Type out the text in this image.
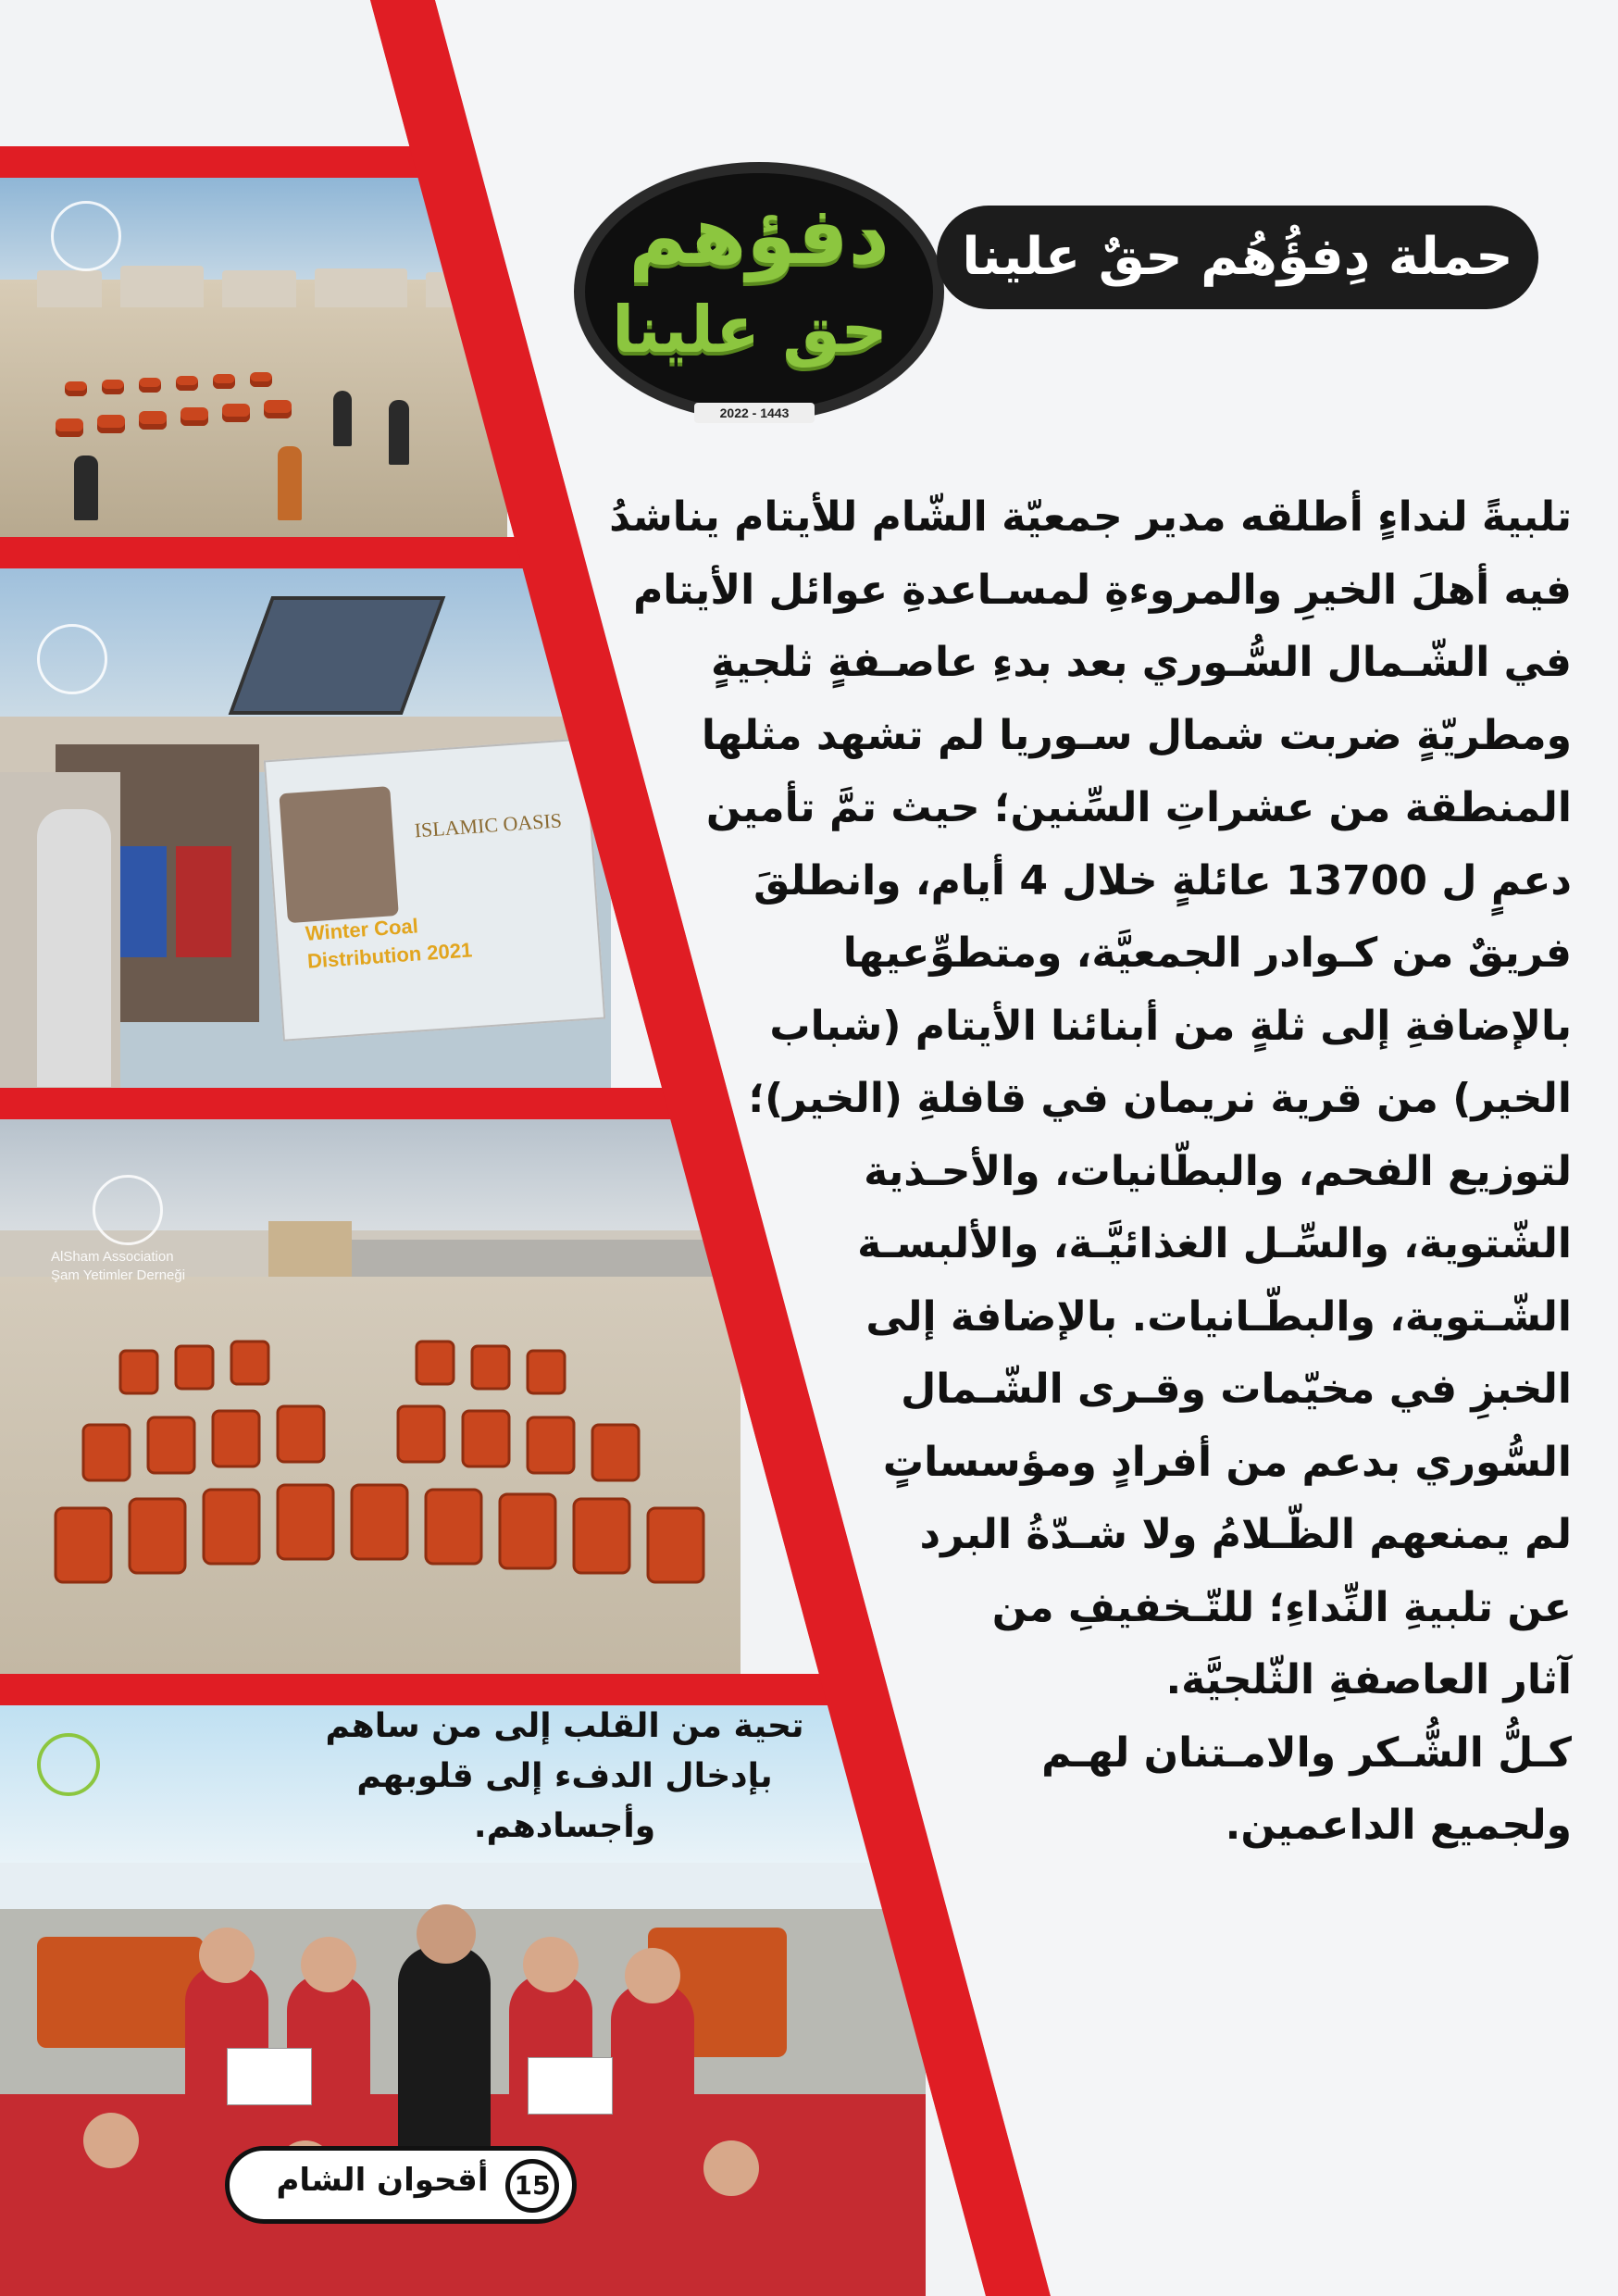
ISLAMIC OASIS
Winter Coal
Distribution 2021
AlSham Association
Şam Yetimler Derneği
تحية من القلب إلى من ساهم بإدخال الدفء إلى قلوبهم وأجسادهم.
دفؤهم
حق علينا
2022 - 1443
حملة دِفؤُهُم حقٌ علينا
تلبيةً لنداءٍ أطلقه مدير جمعيّة الشّام للأيتام يناشدُ
فيه أهلَ الخيرِ والمروءةِ لمسـاعدةِ عوائل الأيتام
في الشّـمال السُّـوري بعد بدءِ عاصـفةٍ ثلجيةٍ
ومطريّةٍ ضربت شمال سـوريا لم تشهد مثلها
المنطقة من عشراتِ السِّنين؛ حيث تمَّ تأمين
دعمٍ ل 13700 عائلةٍ خلال 4 أيام، وانطلقَ
فريقٌ من كـوادر الجمعيَّة، ومتطوِّعيها
بالإضافةِ إلى ثلةٍ من أبنائنا الأيتام (شباب
الخير) من قرية نريمان في قافلةِ (الخير)؛
لتوزيع الفحم، والبطّانيات، والأحـذية
الشّتوية، والسِّـل الغذائيَّـة، والألبسـة
الشّـتوية، والبطّـانيات. بالإضافة إلى
الخبزِ في مخيّمات وقـرى الشّـمال
السُّوري بدعم من أفرادٍ ومؤسساتٍ
لم يمنعهم الظّـلامُ ولا شـدّةُ البرد
عن تلبيةِ النِّداءِ؛ للتّـخفيفِ من
آثار العاصفةِ الثّلجيَّة.
كـلُّ الشُّـكر والامـتنان لهـم
ولجميع الداعمين.
أقحوان الشام	15
